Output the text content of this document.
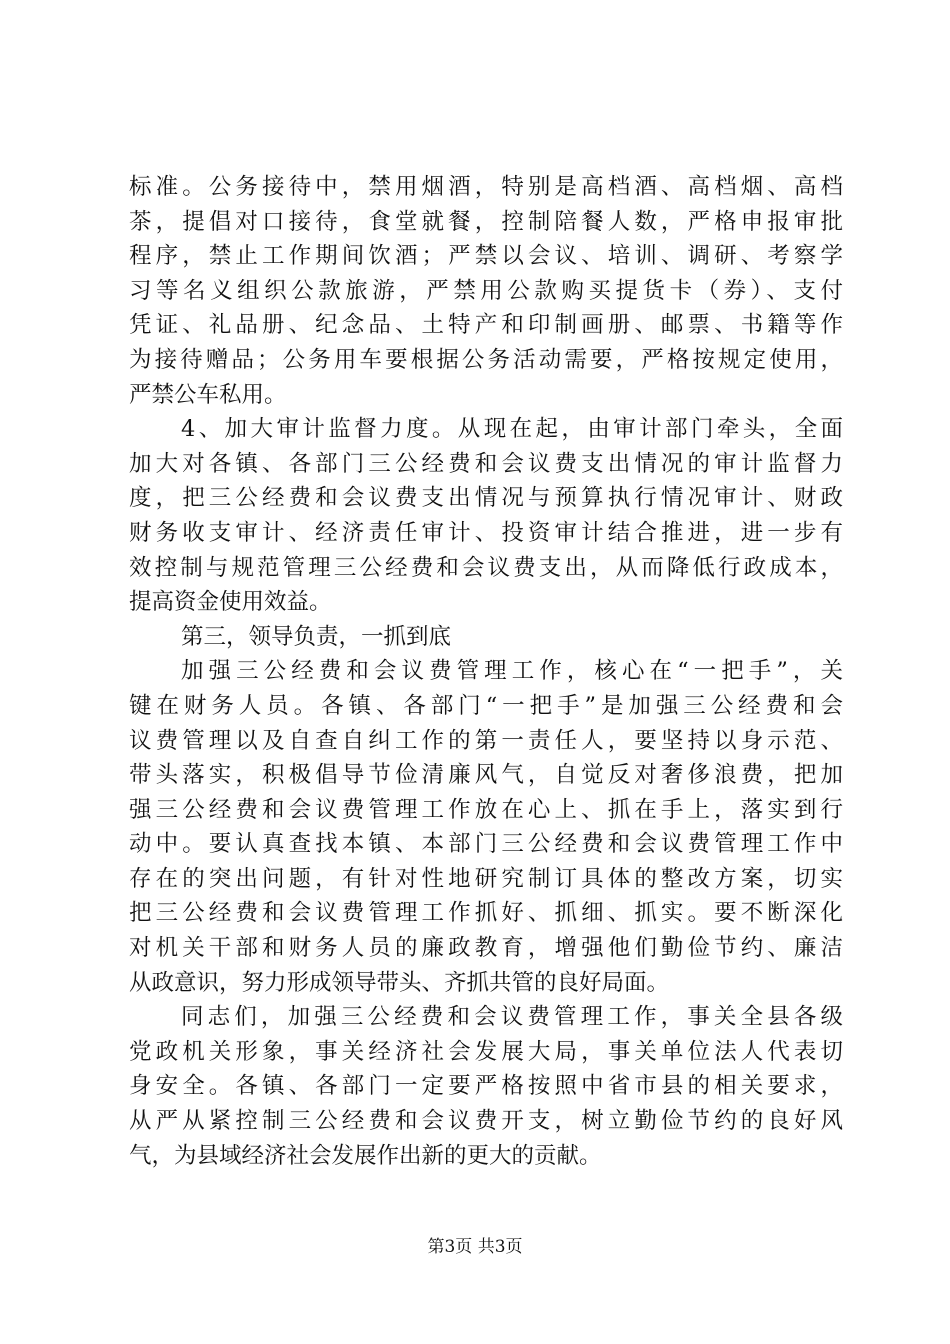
标准。公务接待中，禁用烟酒，特别是高档酒、高档烟、高档
茶，提倡对口接待，食堂就餐，控制陪餐人数，严格申报审批
程序，禁止工作期间饮酒；严禁以会议、培训、调研、考察学
习等名义组织公款旅游，严禁用公款购买提货卡（券）、支付
凭证、礼品册、纪念品、土特产和印制画册、邮票、书籍等作
为接待赠品；公务用车要根据公务活动需要，严格按规定使用，
严禁公车私用。
4、加大审计监督力度。从现在起，由审计部门牵头，全面
加大对各镇、各部门三公经费和会议费支出情况的审计监督力
度，把三公经费和会议费支出情况与预算执行情况审计、财政
财务收支审计、经济责任审计、投资审计结合推进，进一步有
效控制与规范管理三公经费和会议费支出，从而降低行政成本，
提高资金使用效益。
第三，领导负责，一抓到底
加强三公经费和会议费管理工作，核心在“一把手”，关
键在财务人员。各镇、各部门“一把手”是加强三公经费和会
议费管理以及自查自纠工作的第一责任人，要坚持以身示范、
带头落实，积极倡导节俭清廉风气，自觉反对奢侈浪费，把加
强三公经费和会议费管理工作放在心上、抓在手上，落实到行
动中。要认真查找本镇、本部门三公经费和会议费管理工作中
存在的突出问题，有针对性地研究制订具体的整改方案，切实
把三公经费和会议费管理工作抓好、抓细、抓实。要不断深化
对机关干部和财务人员的廉政教育，增强他们勤俭节约、廉洁
从政意识，努力形成领导带头、齐抓共管的良好局面。
同志们，加强三公经费和会议费管理工作，事关全县各级
党政机关形象，事关经济社会发展大局，事关单位法人代表切
身安全。各镇、各部门一定要严格按照中省市县的相关要求，
从严从紧控制三公经费和会议费开支，树立勤俭节约的良好风
气，为县域经济社会发展作出新的更大的贡献。
第3页 共3页
